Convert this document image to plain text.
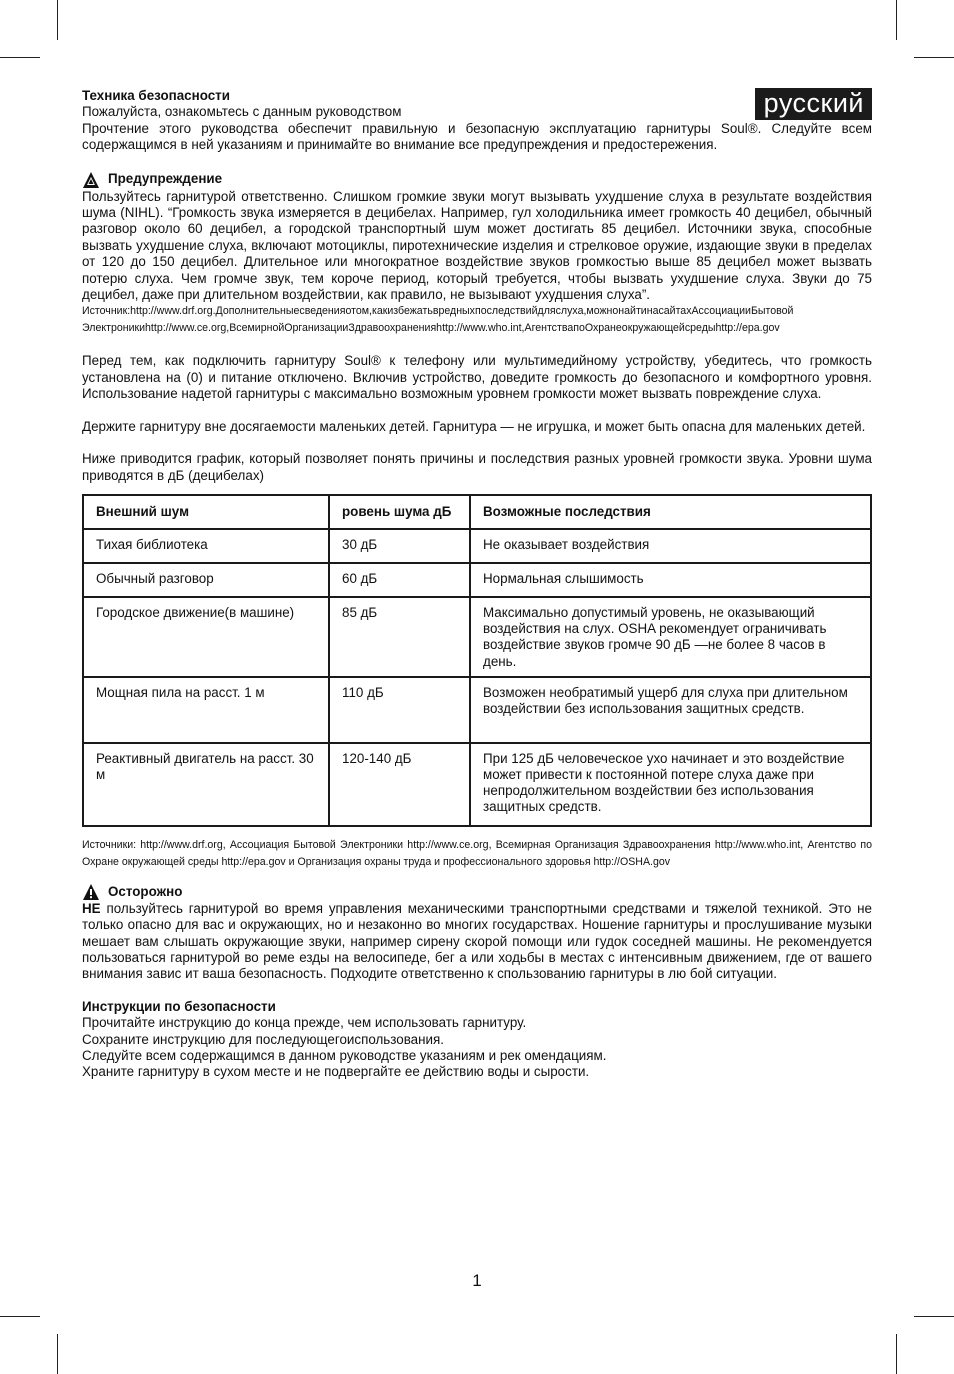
русский

Техника безопасности

Пожалуйста, ознакомьтесь с данным руководством

Прочтение этого руководства обеспечит правильную и безопасную эксплуатацию гарнитуры Soul®. Следуйте всем содержащимся в ней указаниям и принимайте во внимание все предупреждения и предостережения.

Предупреждение

Пользуйтесь гарнитурой ответственно. Слишком громкие звуки могут вызывать ухудшение слуха в результате воздействия шума (NIHL). “Громкость звука измеряется в децибелах. Например, гул холодильника имеет громкость 40 децибел, обычный разговор около 60 децибел, а городской транспортный шум может достигать 85 децибел. Источники звука, способные вызвать ухудшение слуха, включают мотоциклы, пиротехнические изделия и стрелковое оружие, издающие звуки в пределах от 120 до 150 децибел. Длительное или многократное воздействие звуков громкостью выше 85 децибел может вызвать потерю слуха. Чем громче звук, тем короче период, который требуется, чтобы вызвать ухудшение слуха. Звуки до 75 децибел, даже при длительном воздействии, как правило, не вызывают ухудшения слуха”.

Источник:http://www.drf.org.Дополнительныесведенияотом,какизбежатьвредныхпоследствийдляслуха,можнонайтинасайтахАссоциацииБытовой Электроникиhttp://www.ce.org,ВсемирнойОрганизацииЗдравоохраненияhttp://www.who.int,АгентствапоОхранеокружающейсредыhttp://epa.gov

Перед тем, как подключить гарнитуру Soul® к телефону или мультимедийному устройству, убедитесь, что громкость установлена на (0) и питание отключено. Включив устройство, доведите громкость до безопасного и комфортного уровня. Использование надетой гарнитуры с максимально возможным уровнем громкости может вызвать повреждение слуха.

Держите гарнитуру вне досягаемости маленьких детей. Гарнитура — не игрушка, и может быть опасна для маленьких детей.

Ниже приводится график, который позволяет понять причины и последствия разных уровней громкости звука. Уровни шума приводятся в дБ (децибелах)

Внешний шум	ровень шума дБ	Возможные последствия
Тихая библиотека	30 дБ	Не оказывает воздействия
Обычный разговор	60 дБ	Нормальная слышимость
Городское движение(в машине)	85 дБ	Максимально допустимый уровень, не оказывающий воздействия на слух. OSHA рекомендует ограничивать воздействие звуков громче 90 дБ —не более 8 часов в день.
Мощная пила на расст. 1 м	110 дБ	Возможен необратимый ущерб для слуха при длительном воздействии без использования защитных средств.
Реактивный двигатель на расст. 30 м	120-140 дБ	При 125 дБ человеческое ухо начинает и это воздействие может привести к постоянной потере слуха даже при непродолжительном воздействии без использования защитных средств.

Источники: http://www.drf.org, Ассоциация Бытовой Электроники http://www.ce.org, Всемирная Организация Здравоохранения http://www.who.int, Агентство по Охране окружающей среды http://epa.gov и Организация охраны труда и профессионального здоровья http://OSHA.gov

Осторожно

НЕ пользуйтесь гарнитурой во время управления механическими транспортными средствами и тяжелой техникой. Это не только опасно для вас и окружающих, но и незаконно во многих государствах. Ношение гарнитуры и прослушивание музыки мешает вам слышать окружающие звуки, например сирену скорой помощи или гудок соседней машины. Не рекомендуется пользоваться гарнитурой во реме езды на велосипеде, бег а или ходьбы в местах с интенсивным движением, где от вашего внимания завис ит ваша безопасность. Подходите ответственно к спользованию гарнитуры в лю бой ситуации.

Инструкции по безопасности

Прочитайте инструкцию до конца прежде, чем использовать гарнитуру.

Сохраните инструкцию для последующегоиспользования.

Следуйте всем содержащимся в данном руководстве указаниям и рек омендациям.

Храните гарнитуру в сухом месте и не подвергайте ее действию воды и сырости.

1
